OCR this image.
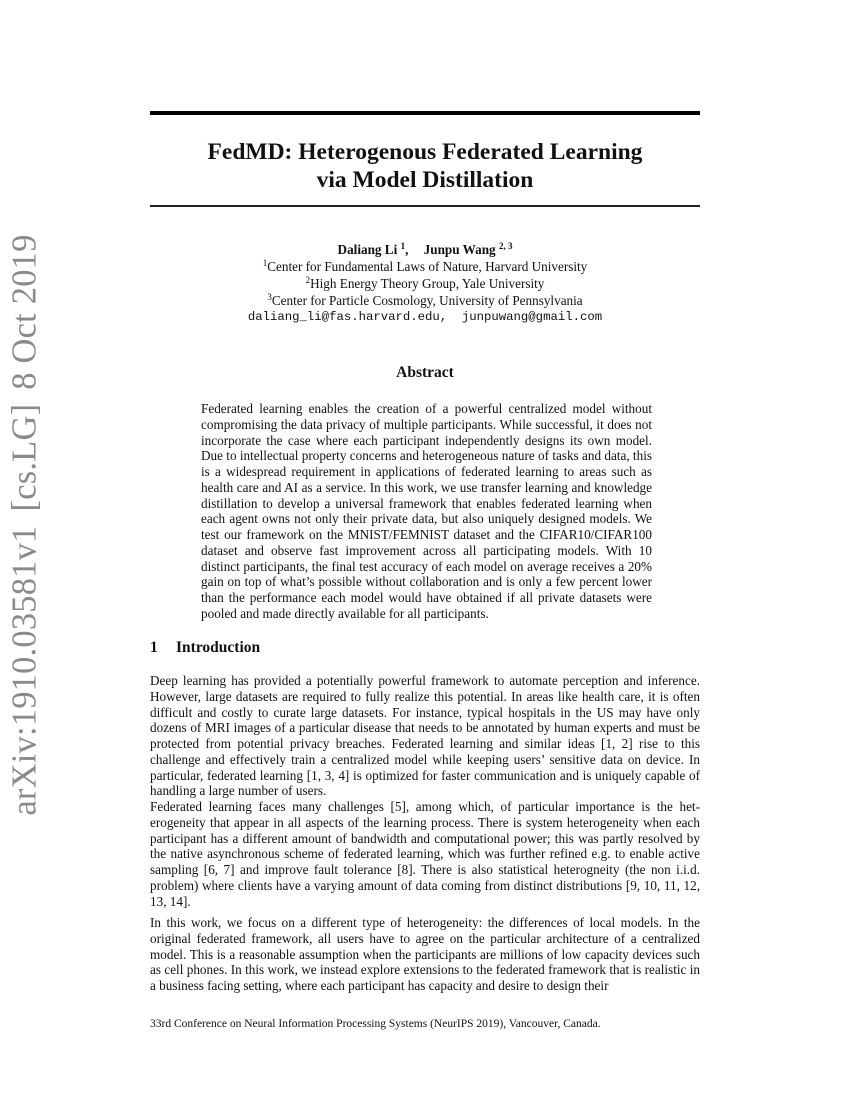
arXiv:1910.03581v1[cs.LG]8 Oct 2019
FedMD: Heterogenous Federated Learning
via Model Distillation
Daliang Li $^1$, Junpu Wang $^{2, 3}$
$^1$Center for Fundamental Laws of Nature, Harvard University
$^2$High Energy Theory Group, Yale University
$^3$Center for Particle Cosmology, University of Pennsylvania
daliang_li@fas.harvard.edu,  junpuwang@gmail.com
Abstract

Federated learning enables the creation of a powerful centralized model without compromising the data privacy of multiple participants. While successful, it does not incorporate the case where each participant independently designs its own model. Due to intellectual property concerns and heterogeneous nature of tasks and data, this is a widespread requirement in applications of federated learning to areas such as health care and AI as a service. In this work, we use transfer learning and knowledge distillation to develop a universal framework that enables federated learning when each agent owns not only their private data, but also uniquely designed models. We test our framework on the MNIST/FEMNIST dataset and the CIFAR10/CIFAR100 dataset and observe fast improvement across all participating models. With 10 distinct participants, the final test accuracy of each model on average receives a 20% gain on top of what’s possible without collaboration and is only a few percent lower than the performance each model would have obtained if all private datasets were pooled and made directly available for all participants.

1 Introduction

Deep learning has provided a potentially powerful framework to automate perception and inference. However, large datasets are required to fully realize this potential. In areas like health care, it is often difficult and costly to curate large datasets. For instance, typical hospitals in the US may have only dozens of MRI images of a particular disease that needs to be annotated by human experts and must be protected from potential privacy breaches. Federated learning and similar ideas [1, 2] rise to this challenge and effectively train a centralized model while keeping users’ sensitive data on device. In particular, federated learning [1, 3, 4] is optimized for faster communication and is uniquely capable of handling a large number of users.

Federated learning faces many challenges [5], among which, of particular importance is the heterogeneity that appear in all aspects of the learning process. There is system heterogeneity when each participant has a different amount of bandwidth and computational power; this was partly resolved by the native asynchronous scheme of federated learning, which was further refined e.g. to enable active sampling [6, 7] and improve fault tolerance [8]. There is also statistical heterogneity (the non i.i.d. problem) where clients have a varying amount of data coming from distinct distributions [9, 10, 11, 12, 13, 14].

In this work, we focus on a different type of heterogeneity: the differences of local models. In the original federated framework, all users have to agree on the particular architecture of a centralized model. This is a reasonable assumption when the participants are millions of low capacity devices such as cell phones. In this work, we instead explore extensions to the federated framework that is realistic in a business facing setting, where each participant has capacity and desire to design their

33rd Conference on Neural Information Processing Systems (NeurIPS 2019), Vancouver, Canada.
